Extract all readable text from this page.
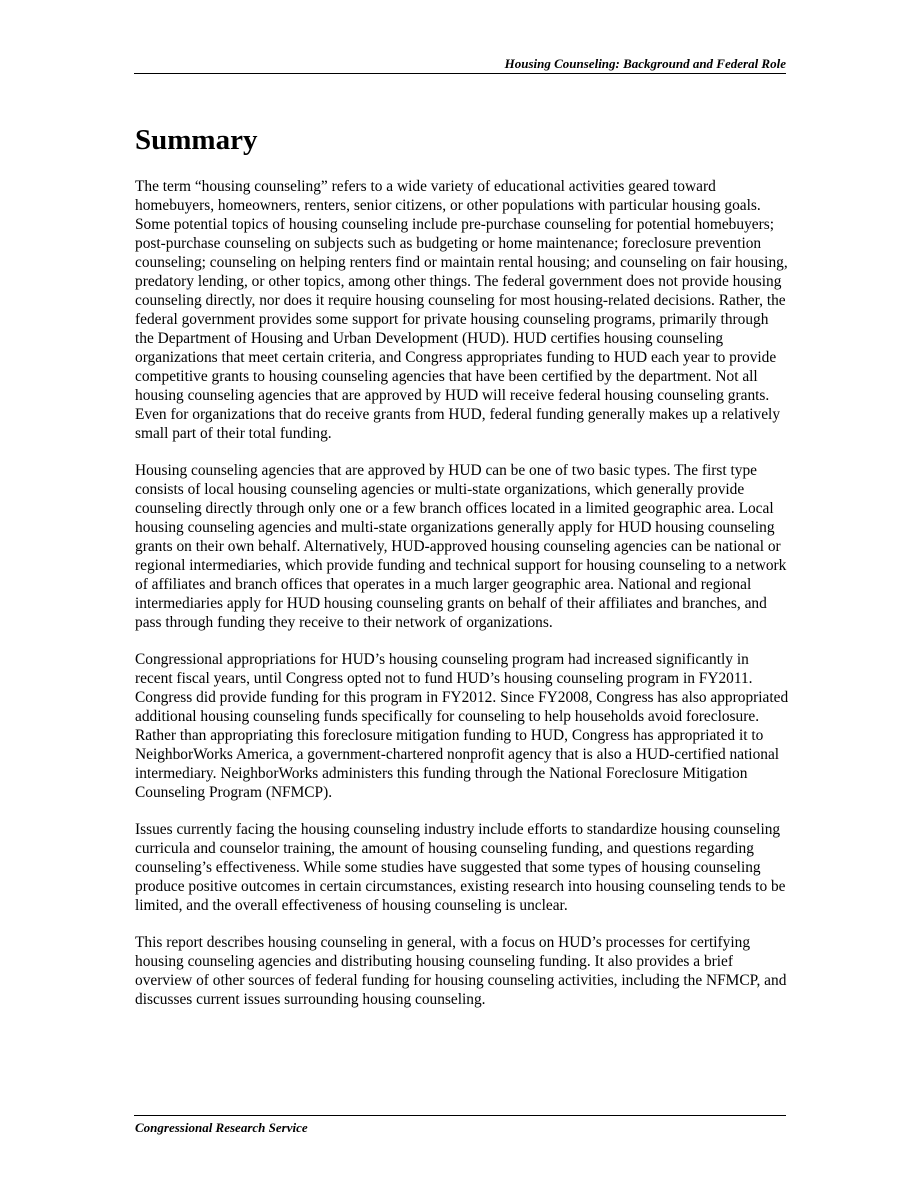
Housing Counseling: Background and Federal Role
Summary

The term “housing counseling” refers to a wide variety of educational activities geared toward homebuyers, homeowners, renters, senior citizens, or other populations with particular housing goals. Some potential topics of housing counseling include pre-purchase counseling for potential homebuyers; post-purchase counseling on subjects such as budgeting or home maintenance; foreclosure prevention counseling; counseling on helping renters find or maintain rental housing; and counseling on fair housing, predatory lending, or other topics, among other things. The federal government does not provide housing counseling directly, nor does it require housing counseling for most housing-related decisions. Rather, the federal government provides some support for private housing counseling programs, primarily through the Department of Housing and Urban Development (HUD). HUD certifies housing counseling organizations that meet certain criteria, and Congress appropriates funding to HUD each year to provide competitive grants to housing counseling agencies that have been certified by the department. Not all housing counseling agencies that are approved by HUD will receive federal housing counseling grants. Even for organizations that do receive grants from HUD, federal funding generally makes up a relatively small part of their total funding.

Housing counseling agencies that are approved by HUD can be one of two basic types. The first type consists of local housing counseling agencies or multi-state organizations, which generally provide counseling directly through only one or a few branch offices located in a limited geographic area. Local housing counseling agencies and multi-state organizations generally apply for HUD housing counseling grants on their own behalf. Alternatively, HUD-approved housing counseling agencies can be national or regional intermediaries, which provide funding and technical support for housing counseling to a network of affiliates and branch offices that operates in a much larger geographic area. National and regional intermediaries apply for HUD housing counseling grants on behalf of their affiliates and branches, and pass through funding they receive to their network of organizations.

Congressional appropriations for HUD’s housing counseling program had increased significantly in recent fiscal years, until Congress opted not to fund HUD’s housing counseling program in FY2011. Congress did provide funding for this program in FY2012. Since FY2008, Congress has also appropriated additional housing counseling funds specifically for counseling to help households avoid foreclosure. Rather than appropriating this foreclosure mitigation funding to HUD, Congress has appropriated it to NeighborWorks America, a government-chartered nonprofit agency that is also a HUD-certified national intermediary. NeighborWorks administers this funding through the National Foreclosure Mitigation Counseling Program (NFMCP).

Issues currently facing the housing counseling industry include efforts to standardize housing counseling curricula and counselor training, the amount of housing counseling funding, and questions regarding counseling’s effectiveness. While some studies have suggested that some types of housing counseling produce positive outcomes in certain circumstances, existing research into housing counseling tends to be limited, and the overall effectiveness of housing counseling is unclear.

This report describes housing counseling in general, with a focus on HUD’s processes for certifying housing counseling agencies and distributing housing counseling funding. It also provides a brief overview of other sources of federal funding for housing counseling activities, including the NFMCP, and discusses current issues surrounding housing counseling.

Congressional Research Service
